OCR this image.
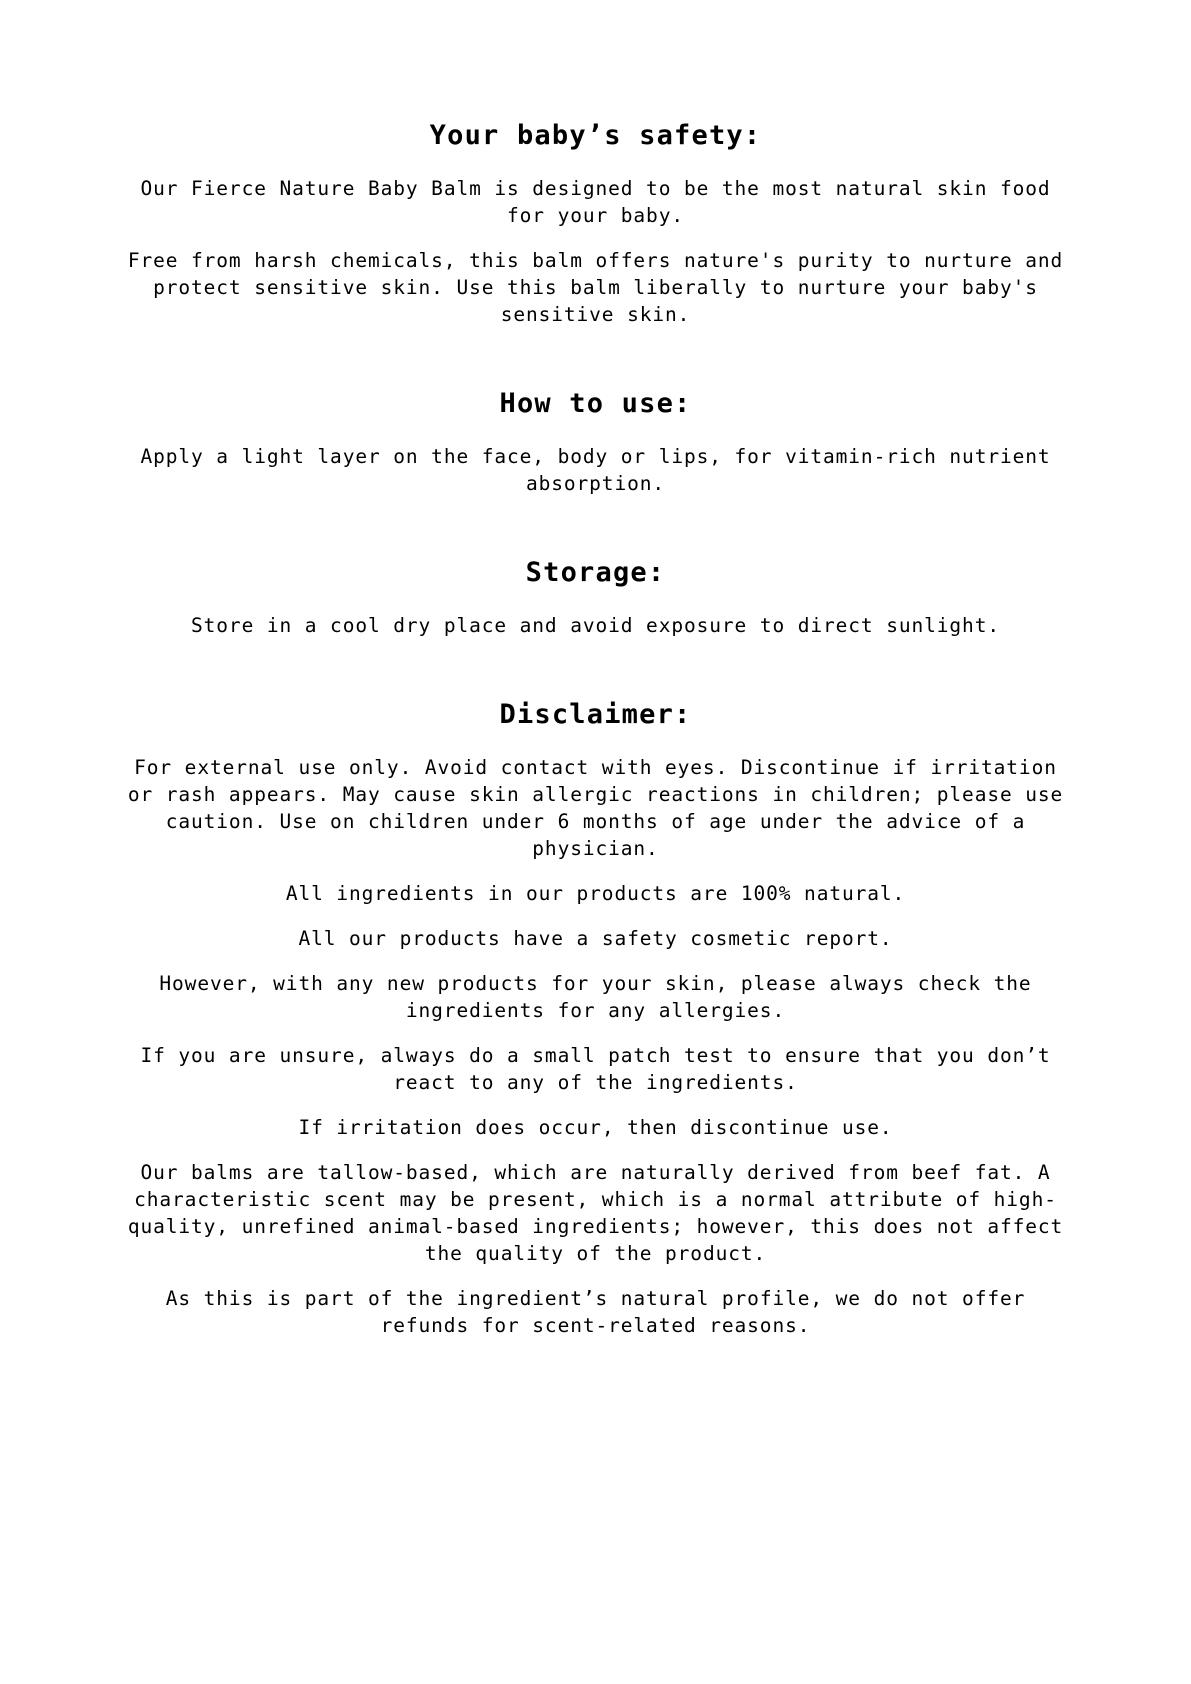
Your baby’s safety:

Our Fierce Nature Baby Balm is designed to be the most natural skin food for your baby.

Free from harsh chemicals, this balm offers nature's purity to nurture and protect sensitive skin. Use this balm liberally to nurture your baby's sensitive skin.

How to use:

Apply a light layer on the face, body or lips, for vitamin-rich nutrient absorption.

Storage:

Store in a cool dry place and avoid exposure to direct sunlight.

Disclaimer:

For external use only. Avoid contact with eyes. Discontinue if irritation or rash appears. May cause skin allergic reactions in children; please use caution. Use on children under 6 months of age under the advice of a physician.

All ingredients in our products are 100% natural.

All our products have a safety cosmetic report.

However, with any new products for your skin, please always check the ingredients for any allergies.

If you are unsure, always do a small patch test to ensure that you don’t react to any of the ingredients.

If irritation does occur, then discontinue use.

Our balms are tallow-based, which are naturally derived from beef fat. A characteristic scent may be present, which is a normal attribute of high-quality, unrefined animal-based ingredients; however, this does not affect the quality of the product.

As this is part of the ingredient’s natural profile, we do not offer refunds for scent-related reasons.
